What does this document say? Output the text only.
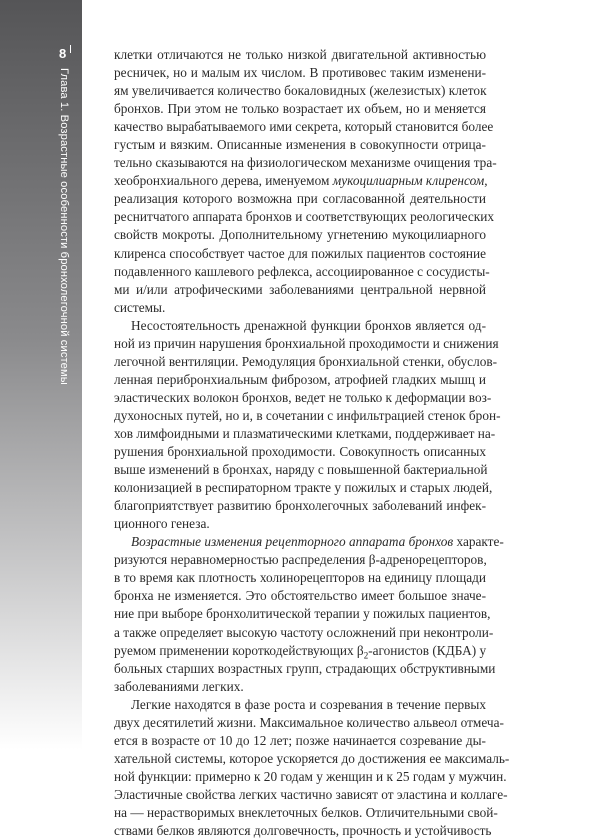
8
Глава 1. Возрастные особенности бронхолегочной системы
клетки отличаются не только низкой двигательной активностью
ресничек, но и малым их числом. В противовес таким изменени-
ям увеличивается количество бокаловидных (железистых) клеток
бронхов. При этом не только возрастает их объем, но и меняется
качество вырабатываемого ими секрета, который становится более
густым и вязким. Описанные изменения в совокупности отрица-
тельно сказываются на физиологическом механизме очищения тра-
хеобронхиального дерева, именуемом мукоцилиарным клиренсом,
реализация которого возможна при согласованной деятельности
реснитчатого аппарата бронхов и соответствующих реологических
свойств мокроты. Дополнительному угнетению мукоцилиарного
клиренса способствует частое для пожилых пациентов состояние
подавленного кашлевого рефлекса, ассоциированное с сосудисты-
ми и/или атрофическими заболеваниями центральной нервной
системы.
Несостоятельность дренажной функции бронхов является од-
ной из причин нарушения бронхиальной проходимости и снижения
легочной вентиляции. Ремодуляция бронхиальной стенки, обуслов-
ленная перибронхиальным фиброзом, атрофией гладких мышц и
эластических волокон бронхов, ведет не только к деформации воз-
духоносных путей, но и, в сочетании с инфильтрацией стенок брон-
хов лимфоидными и плазматическими клетками, поддерживает на-
рушения бронхиальной проходимости. Совокупность описанных
выше изменений в бронхах, наряду с повышенной бактериальной
колонизацией в респираторном тракте у пожилых и старых людей,
благоприятствует развитию бронхолегочных заболеваний инфек-
ционного генеза.
Возрастные изменения рецепторного аппарата бронхов характе-
ризуются неравномерностью распределения β-адренорецепторов,
в то время как плотность холинорецепторов на единицу площади
бронха не изменяется. Это обстоятельство имеет большое значе-
ние при выборе бронхолитической терапии у пожилых пациентов,
а также определяет высокую частоту осложнений при неконтроли-
руемом применении короткодействующих $\beta_2$-агонистов (КДБА) у
больных старших возрастных групп, страдающих обструктивными
заболеваниями легких.
Легкие находятся в фазе роста и созревания в течение первых
двух десятилетий жизни. Максимальное количество альвеол отмеча-
ется в возрасте от 10 до 12 лет; позже начинается созревание ды-
хательной системы, которое ускоряется до достижения ее максималь-
ной функции: примерно к 20 годам у женщин и к 25 годам у мужчин.
Эластичные свойства легких частично зависят от эластина и коллаге-
на — нерастворимых внеклеточных белков. Отличительными свой-
ствами белков являются долговечность, прочность и устойчивость
